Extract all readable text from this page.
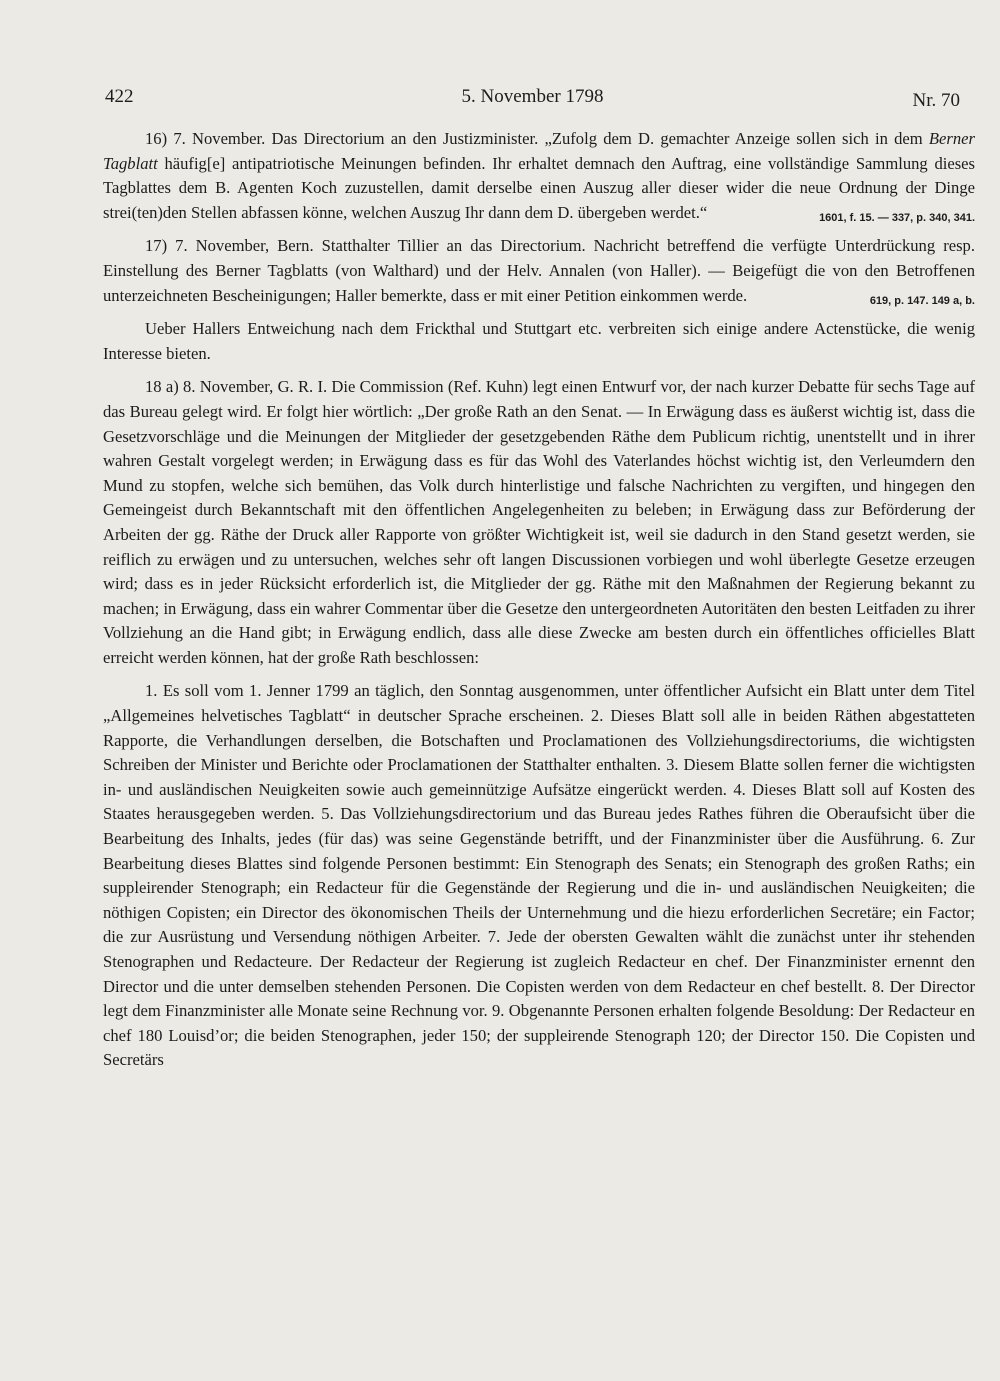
422	5. November 1798	Nr. 70

16) 7. November. Das Directorium an den Justizminister. „Zufolg dem D. gemachter Anzeige sollen sich in dem Berner Tagblatt häufig[e] antipatriotische Meinungen befinden. Ihr erhaltet demnach den Auftrag, eine vollständige Sammlung dieses Tagblattes dem B. Agenten Koch zuzustellen, damit derselbe einen Auszug aller dieser wider die neue Ordnung der Dinge strei(ten)den Stellen abfassen könne, welchen Auszug Ihr dann dem D. übergeben werdet.“	1601, f. 15. — 337, p. 340, 341.

17) 7. November, Bern. Statthalter Tillier an das Directorium. Nachricht betreffend die verfügte Unterdrückung resp. Einstellung des Berner Tagblatts (von Walthard) und der Helv. Annalen (von Haller). — Beigefügt die von den Betroffenen unterzeichneten Bescheinigungen; Haller bemerkte, dass er mit einer Petition einkommen werde.	619, p. 147. 149 a, b.

Ueber Hallers Entweichung nach dem Frickthal und Stuttgart etc. verbreiten sich einige andere Actenstücke, die wenig Interesse bieten.

18 a) 8. November, G. R. I. Die Commission (Ref. Kuhn) legt einen Entwurf vor, der nach kurzer Debatte für sechs Tage auf das Bureau gelegt wird. Er folgt hier wörtlich: „Der große Rath an den Senat. — In Erwägung dass es äußerst wichtig ist, dass die Gesetzvorschläge und die Meinungen der Mitglieder der gesetzgebenden Räthe dem Publicum richtig, unentstellt und in ihrer wahren Gestalt vorgelegt werden; in Erwägung dass es für das Wohl des Vaterlandes höchst wichtig ist, den Verleumdern den Mund zu stopfen, welche sich bemühen, das Volk durch hinterlistige und falsche Nachrichten zu vergiften, und hingegen den Gemeingeist durch Bekanntschaft mit den öffentlichen Angelegenheiten zu beleben; in Erwägung dass zur Beförderung der Arbeiten der gg. Räthe der Druck aller Rapporte von größter Wichtigkeit ist, weil sie dadurch in den Stand gesetzt werden, sie reiflich zu erwägen und zu untersuchen, welches sehr oft langen Discussionen vorbiegen und wohl überlegte Gesetze erzeugen wird; dass es in jeder Rücksicht erforderlich ist, die Mitglieder der gg. Räthe mit den Maßnahmen der Regierung bekannt zu machen; in Erwägung, dass ein wahrer Commentar über die Gesetze den untergeordneten Autoritäten den besten Leitfaden zu ihrer Vollziehung an die Hand gibt; in Erwägung endlich, dass alle diese Zwecke am besten durch ein öffentliches officielles Blatt erreicht werden können, hat der große Rath beschlossen:

1. Es soll vom 1. Jenner 1799 an täglich, den Sonntag ausgenommen, unter öffentlicher Aufsicht ein Blatt unter dem Titel „Allgemeines helvetisches Tagblatt“ in deutscher Sprache erscheinen. 2. Dieses Blatt soll alle in beiden Räthen abgestatteten Rapporte, die Verhandlungen derselben, die Botschaften und Proclamationen des Vollziehungsdirectoriums, die wichtigsten Schreiben der Minister und Berichte oder Proclamationen der Statthalter enthalten. 3. Diesem Blatte sollen ferner die wichtigsten in- und ausländischen Neuigkeiten sowie auch gemeinnützige Aufsätze eingerückt werden. 4. Dieses Blatt soll auf Kosten des Staates herausgegeben werden. 5. Das Vollziehungsdirectorium und das Bureau jedes Rathes führen die Oberaufsicht über die Bearbeitung des Inhalts, jedes (für das) was seine Gegenstände betrifft, und der Finanzminister über die Ausführung. 6. Zur Bearbeitung dieses Blattes sind folgende Personen bestimmt: Ein Stenograph des Senats; ein Stenograph des großen Raths; ein suppleirender Stenograph; ein Redacteur für die Gegenstände der Regierung und die in- und ausländischen Neuigkeiten; die nöthigen Copisten; ein Director des ökonomischen Theils der Unternehmung und die hiezu erforderlichen Secretäre; ein Factor; die zur Ausrüstung und Versendung nöthigen Arbeiter. 7. Jede der obersten Gewalten wählt die zunächst unter ihr stehenden Stenographen und Redacteure. Der Redacteur der Regierung ist zugleich Redacteur en chef. Der Finanzminister ernennt den Director und die unter demselben stehenden Personen. Die Copisten werden von dem Redacteur en chef bestellt. 8. Der Director legt dem Finanzminister alle Monate seine Rechnung vor. 9. Obgenannte Personen erhalten folgende Besoldung: Der Redacteur en chef 180 Louisd’or; die beiden Stenographen, jeder 150; der suppleirende Stenograph 120; der Director 150. Die Copisten und Secretärs
